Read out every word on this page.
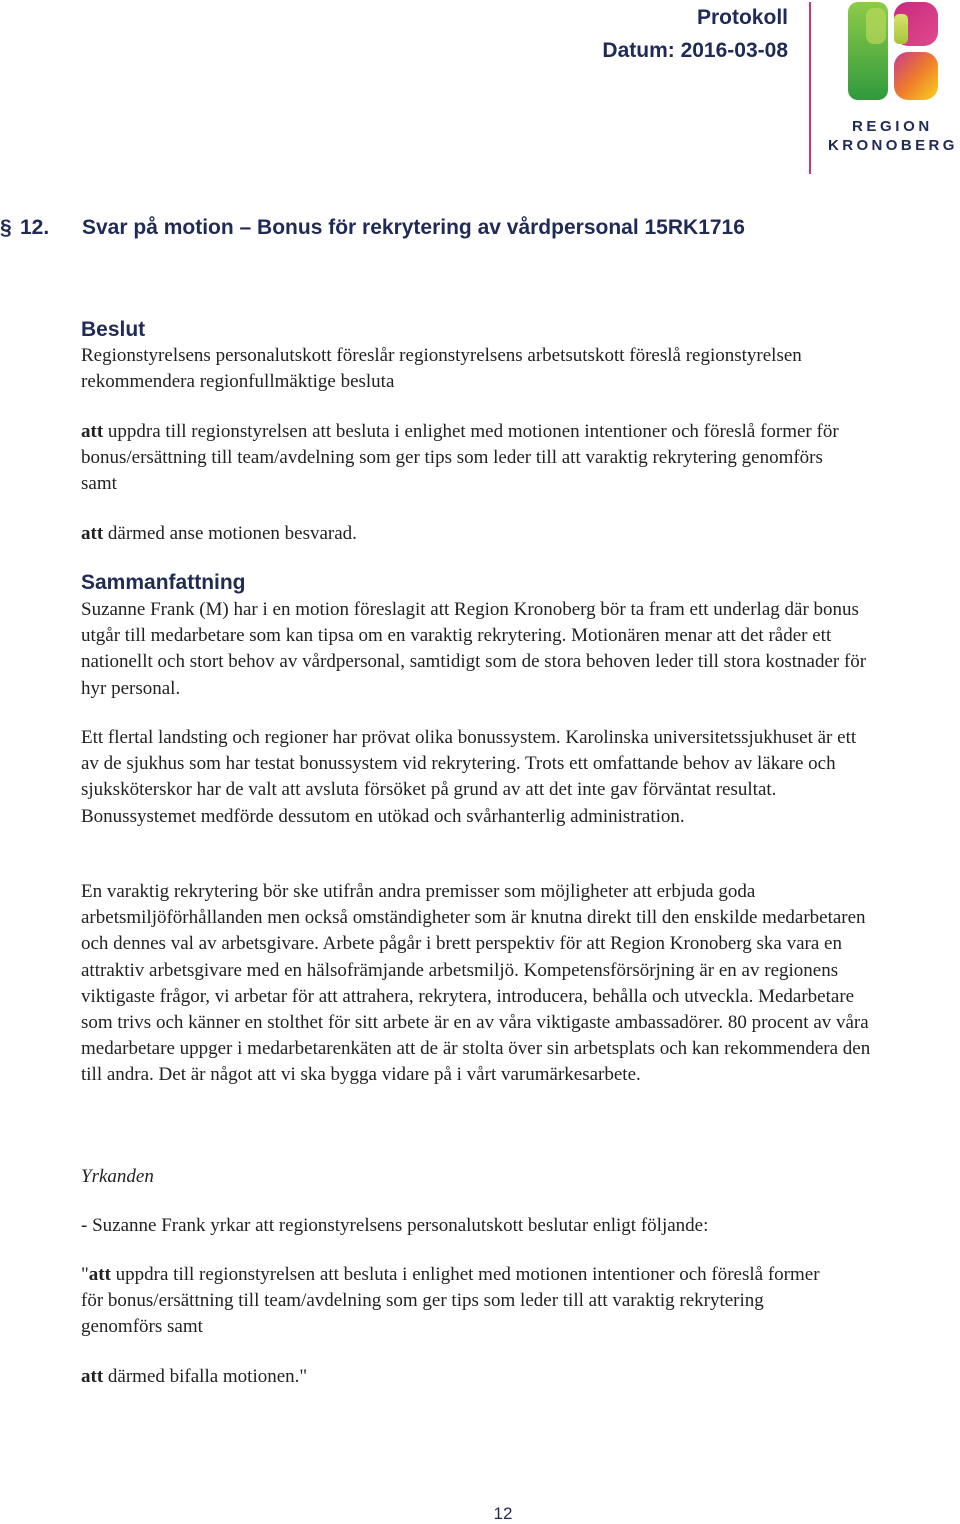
Protokoll
Datum: 2016-03-08
REGION
KRONOBERG
§ 12. Svar på motion – Bonus för rekrytering av vårdpersonal 15RK1716
Beslut

Regionstyrelsens personalutskott föreslår regionstyrelsens arbetsutskott föreslå regionstyrelsen rekommendera regionfullmäktige besluta

att uppdra till regionstyrelsen att besluta i enlighet med motionen intentioner och föreslå former för bonus/ersättning till team/avdelning som ger tips som leder till att varaktig rekrytering genomförs samt

att därmed anse motionen besvarad.

Sammanfattning

Suzanne Frank (M) har i en motion föreslagit att Region Kronoberg bör ta fram ett underlag där bonus utgår till medarbetare som kan tipsa om en varaktig rekrytering. Motionären menar att det råder ett nationellt och stort behov av vårdpersonal, samtidigt som de stora behoven leder till stora kostnader för hyr personal.

Ett flertal landsting och regioner har prövat olika bonussystem. Karolinska universitetssjukhuset är ett av de sjukhus som har testat bonussystem vid rekrytering. Trots ett omfattande behov av läkare och sjuksköterskor har de valt att avsluta försöket på grund av att det inte gav förväntat resultat. Bonussystemet medförde dessutom en utökad och svårhanterlig administration.

En varaktig rekrytering bör ske utifrån andra premisser som möjligheter att erbjuda goda arbetsmiljöförhållanden men också omständigheter som är knutna direkt till den enskilde medarbetaren och dennes val av arbetsgivare. Arbete pågår i brett perspektiv för att Region Kronoberg ska vara en attraktiv arbetsgivare med en hälsofrämjande arbetsmiljö. Kompetensförsörjning är en av regionens viktigaste frågor, vi arbetar för att attrahera, rekrytera, introducera, behålla och utveckla. Medarbetare som trivs och känner en stolthet för sitt arbete är en av våra viktigaste ambassadörer. 80 procent av våra medarbetare uppger i medarbetarenkäten att de är stolta över sin arbetsplats och kan rekommendera den till andra. Det är något att vi ska bygga vidare på i vårt varumärkesarbete.

Yrkanden

- Suzanne Frank yrkar att regionstyrelsens personalutskott beslutar enligt följande:

"att uppdra till regionstyrelsen att besluta i enlighet med motionen intentioner och föreslå former för bonus/ersättning till team/avdelning som ger tips som leder till att varaktig rekrytering genomförs samt

att därmed bifalla motionen."

12
